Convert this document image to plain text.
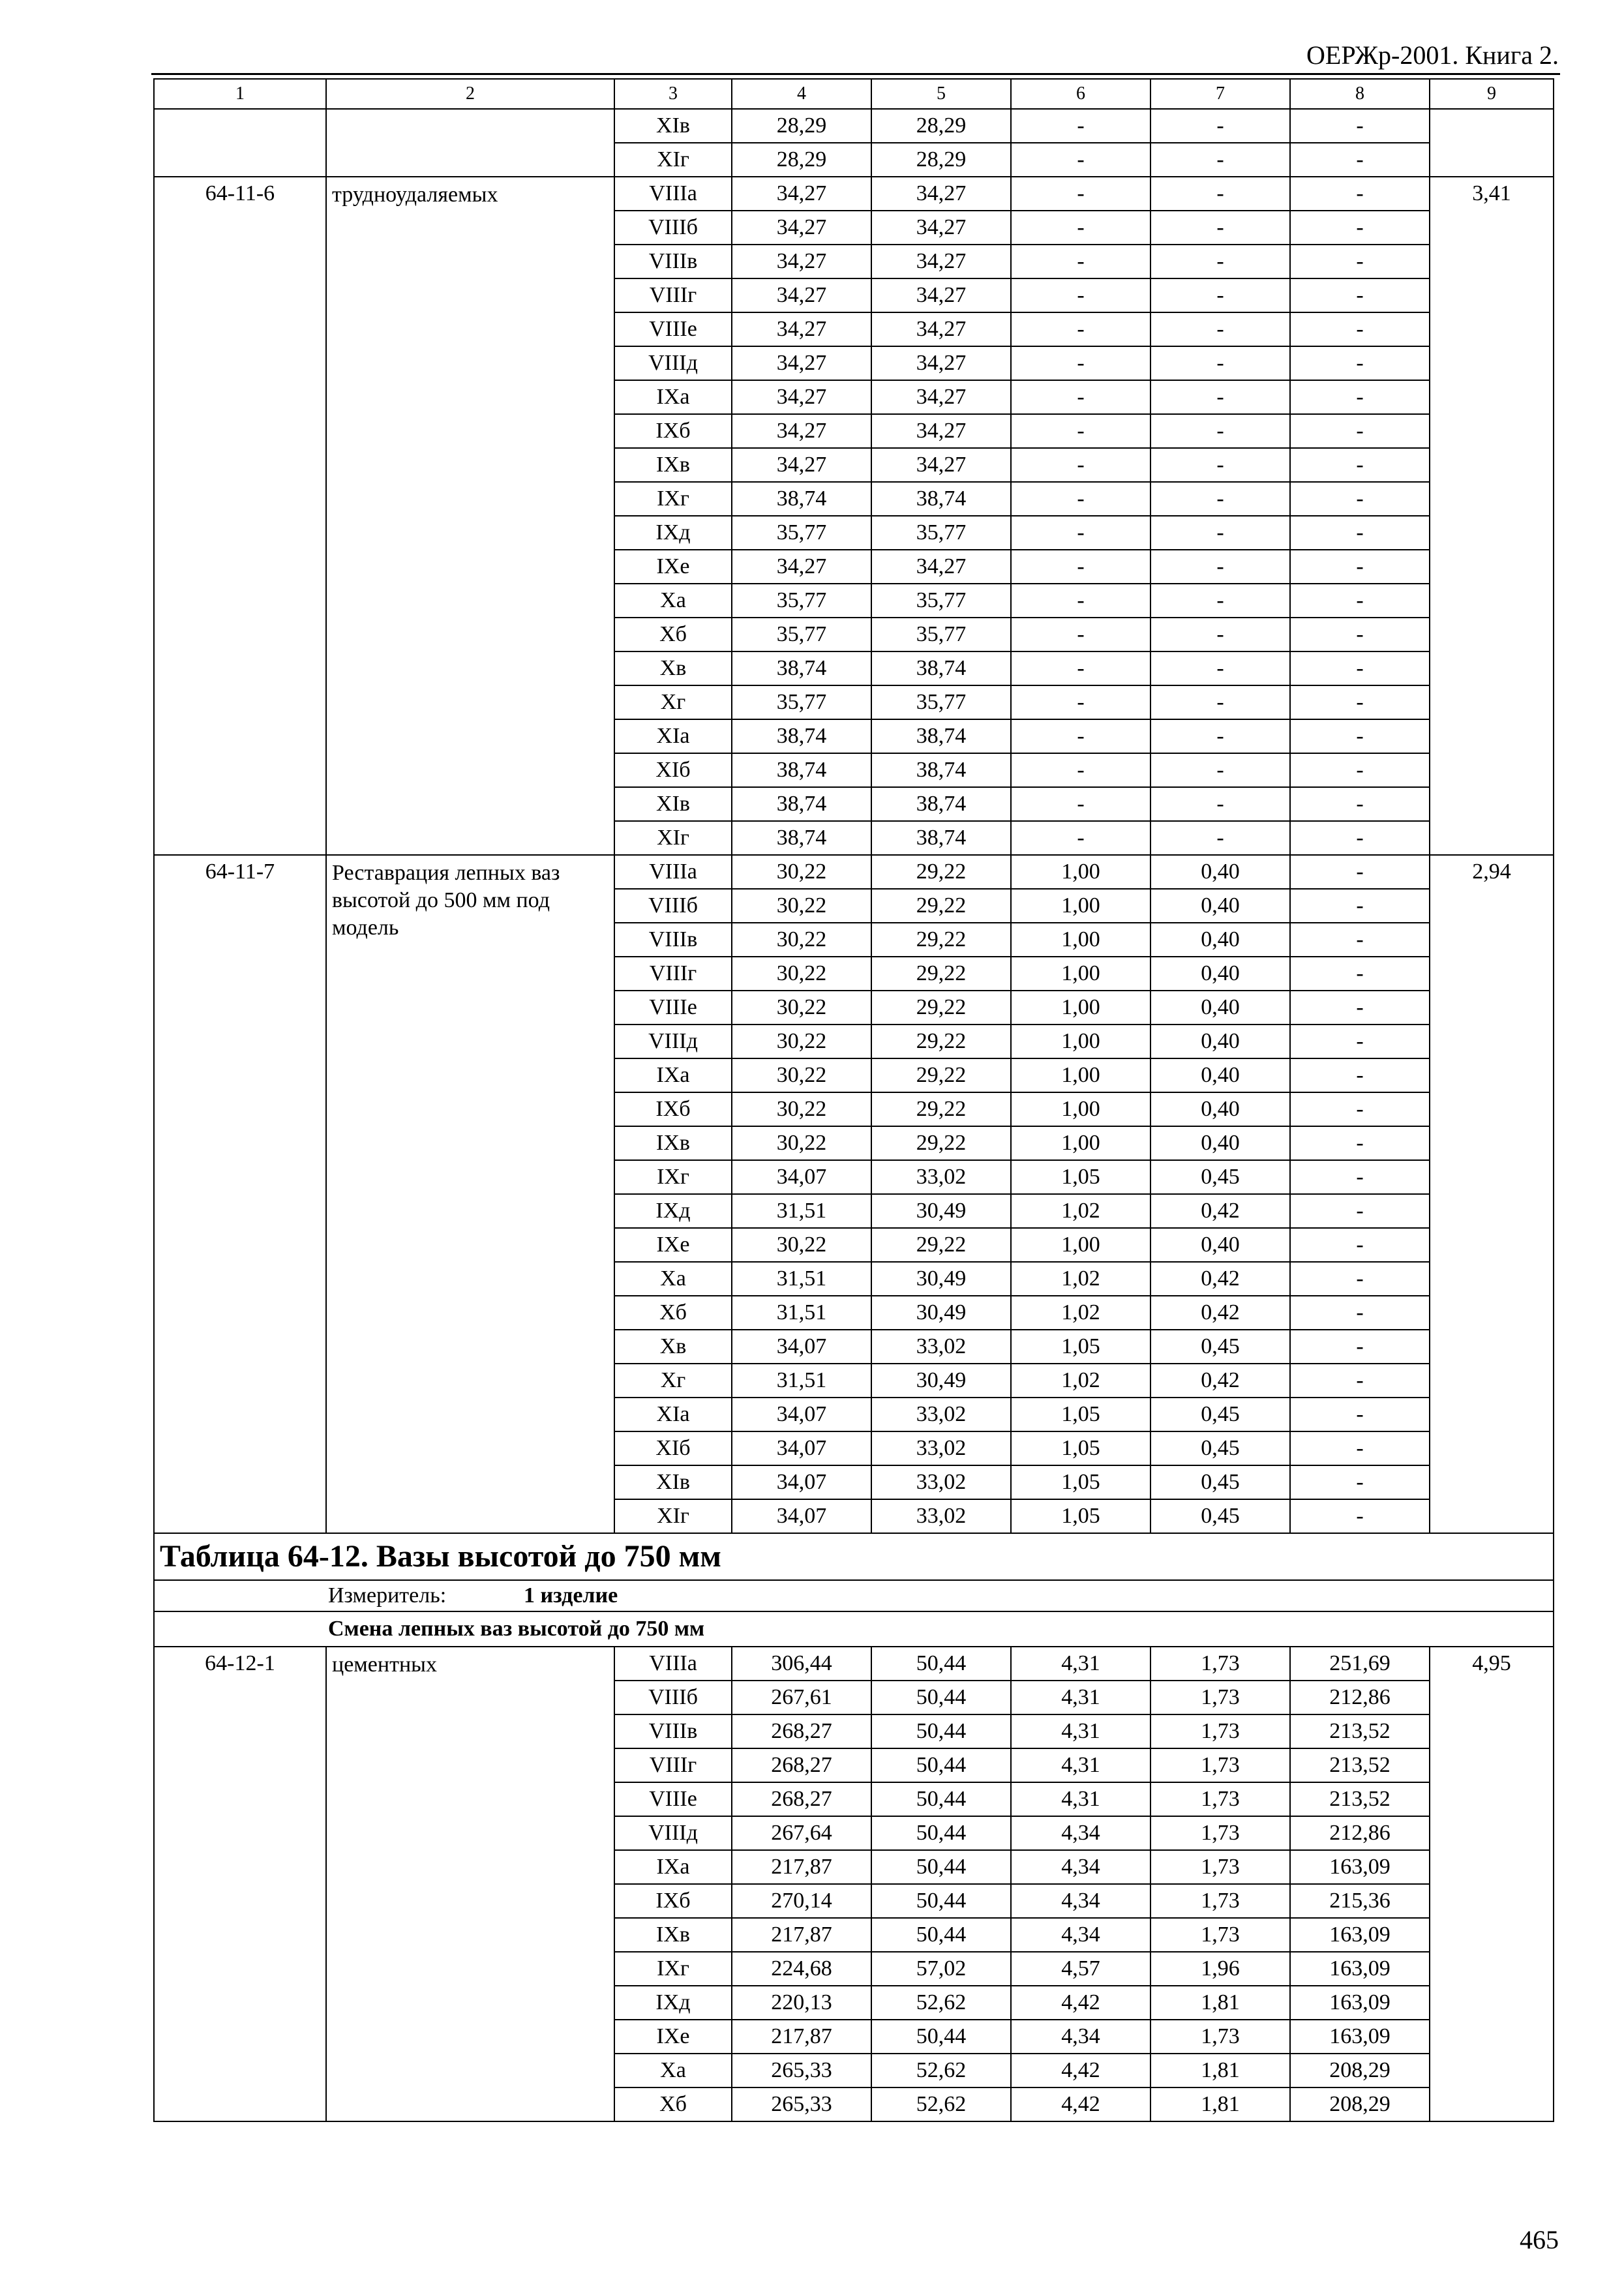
ОЕРЖр-2001. Книга 2.
1	2	3	4	5	6	7	8	9
		XIв	28,29	28,29	-	-	-	
		XIг	28,29	28,29	-	-	-	
64-11-6	трудноудаляемых	VIIIа	34,27	34,27	-	-	-	3,41
		VIIIб	34,27	34,27	-	-	-	
		VIIIв	34,27	34,27	-	-	-	
		VIIIг	34,27	34,27	-	-	-	
		VIIIе	34,27	34,27	-	-	-	
		VIIIд	34,27	34,27	-	-	-	
		IXа	34,27	34,27	-	-	-	
		IXб	34,27	34,27	-	-	-	
		IXв	34,27	34,27	-	-	-	
		IXг	38,74	38,74	-	-	-	
		IXд	35,77	35,77	-	-	-	
		IXе	34,27	34,27	-	-	-	
		Xа	35,77	35,77	-	-	-	
		Xб	35,77	35,77	-	-	-	
		Xв	38,74	38,74	-	-	-	
		Xг	35,77	35,77	-	-	-	
		XIа	38,74	38,74	-	-	-	
		XIб	38,74	38,74	-	-	-	
		XIв	38,74	38,74	-	-	-	
		XIг	38,74	38,74	-	-	-	
64-11-7	Реставрация лепных ваз высотой до 500 мм под модель	VIIIа	30,22	29,22	1,00	0,40	-	2,94
		VIIIб	30,22	29,22	1,00	0,40	-	
		VIIIв	30,22	29,22	1,00	0,40	-	
		VIIIг	30,22	29,22	1,00	0,40	-	
		VIIIе	30,22	29,22	1,00	0,40	-	
		VIIIд	30,22	29,22	1,00	0,40	-	
		IXа	30,22	29,22	1,00	0,40	-	
		IXб	30,22	29,22	1,00	0,40	-	
		IXв	30,22	29,22	1,00	0,40	-	
		IXг	34,07	33,02	1,05	0,45	-	
		IXд	31,51	30,49	1,02	0,42	-	
		IXе	30,22	29,22	1,00	0,40	-	
		Xа	31,51	30,49	1,02	0,42	-	
		Xб	31,51	30,49	1,02	0,42	-	
		Xв	34,07	33,02	1,05	0,45	-	
		Xг	31,51	30,49	1,02	0,42	-	
		XIа	34,07	33,02	1,05	0,45	-	
		XIб	34,07	33,02	1,05	0,45	-	
		XIв	34,07	33,02	1,05	0,45	-	
		XIг	34,07	33,02	1,05	0,45	-	
Таблица 64-12. Вазы высотой до 750 мм								
Измеритель: 1 изделие								
Смена лепных ваз высотой до 750 мм								
64-12-1	цементных	VIIIа	306,44	50,44	4,31	1,73	251,69	4,95
		VIIIб	267,61	50,44	4,31	1,73	212,86	
		VIIIв	268,27	50,44	4,31	1,73	213,52	
		VIIIг	268,27	50,44	4,31	1,73	213,52	
		VIIIе	268,27	50,44	4,31	1,73	213,52	
		VIIIд	267,64	50,44	4,34	1,73	212,86	
		IXа	217,87	50,44	4,34	1,73	163,09	
		IXб	270,14	50,44	4,34	1,73	215,36	
		IXв	217,87	50,44	4,34	1,73	163,09	
		IXг	224,68	57,02	4,57	1,96	163,09	
		IXд	220,13	52,62	4,42	1,81	163,09	
		IXе	217,87	50,44	4,34	1,73	163,09	
		Xа	265,33	52,62	4,42	1,81	208,29	
		Xб	265,33	52,62	4,42	1,81	208,29	
465
